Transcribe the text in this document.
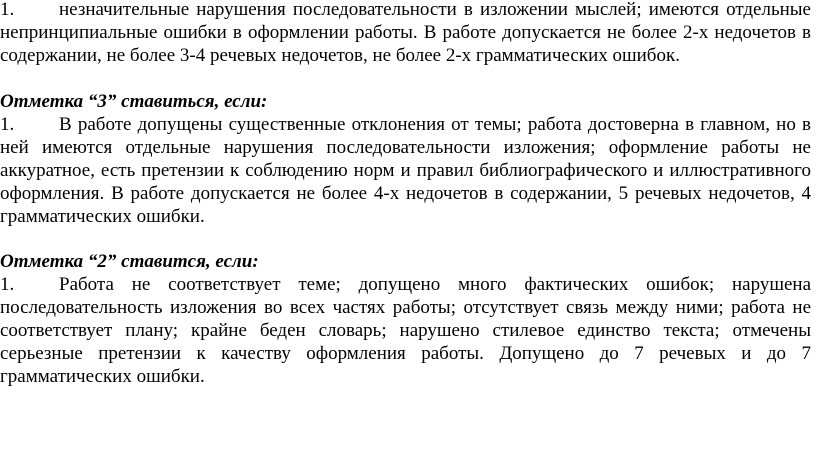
1. незначительные нарушения последовательности в изложении мыслей; имеются отдельные непринципиальные ошибки в оформлении работы. В работе допускается не более 2-х недочетов в содержании, не более 3-4 речевых недочетов, не более 2-х грамматических ошибок.

Отметка “3” ставиться, если:

1. В работе допущены существенные отклонения от темы; работа достоверна в главном, но в ней имеются отдельные нарушения последовательности изложения; оформление работы не аккуратное, есть претензии к соблюдению норм и правил библиографического и иллюстративного оформления. В работе допускается не более 4-х недочетов в содержании, 5 речевых недочетов, 4 грамматических ошибки.

Отметка “2” ставится, если:

1. Работа не соответствует теме; допущено много фактических ошибок; нарушена последовательность изложения во всех частях работы; отсутствует связь между ними; работа не соответствует плану; крайне беден словарь; нарушено стилевое единство текста; отмечены серьезные претензии к качеству оформления работы. Допущено до 7 речевых и до 7 грамматических ошибки.
